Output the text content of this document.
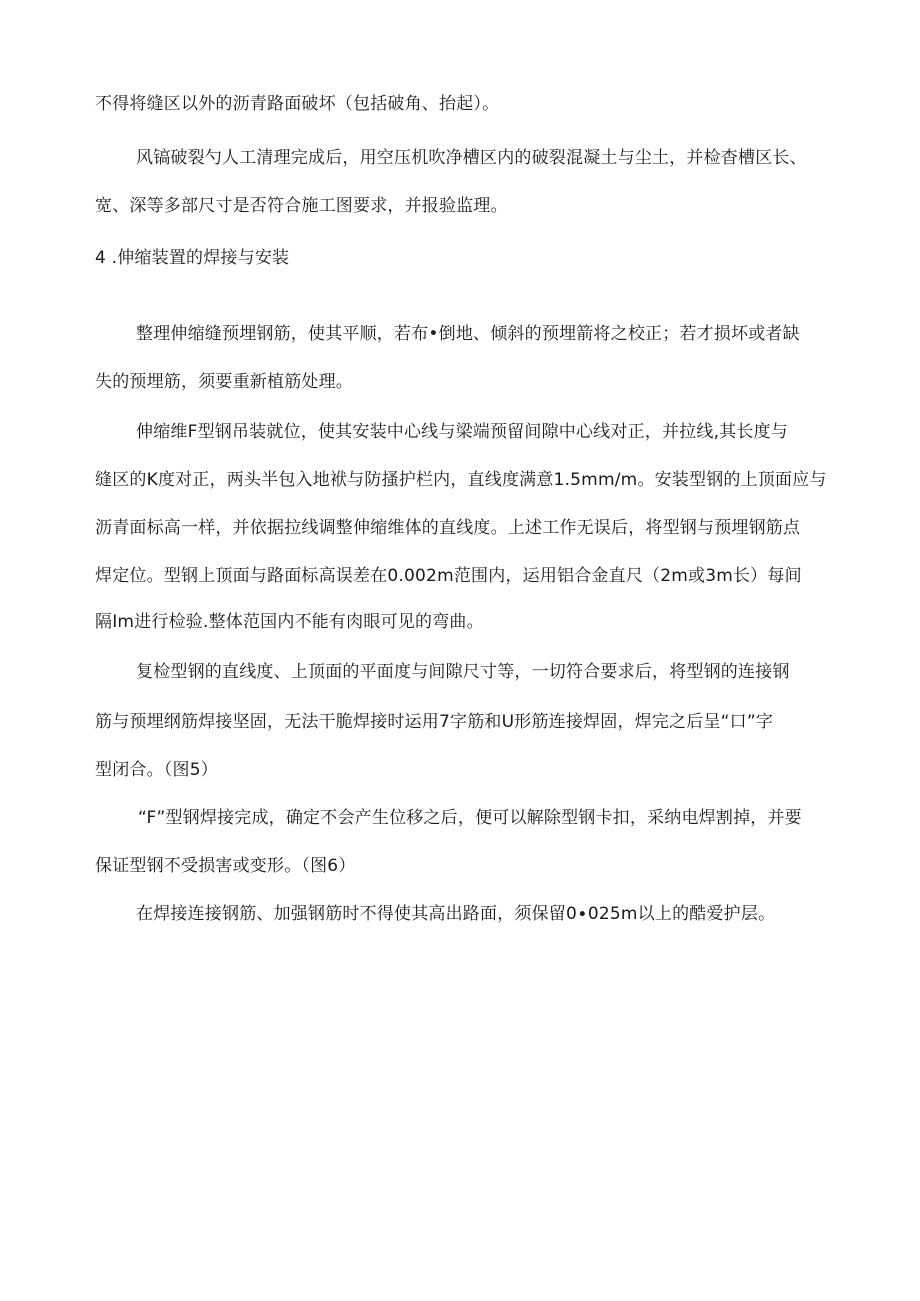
不得将缝区以外的沥青路面破坏（包括破角、抬起）。
风镐破裂勺人工清理完成后，用空压机吹净槽区内的破裂混凝土与尘土，并检杳槽区长、
宽、深等多部尺寸是否符合施工图要求，并报验监理。
4 .伸缩装置的焊接与安装
整理伸缩缝预埋钢筋，使其平顺，若布•倒地、倾斜的预埋箭将之校正；若才损坏或者缺
失的预埋筋，须要重新植筋处理。
伸缩维F型钢吊装就位，使其安装中心线与梁端预留间隙中心线对正，并拉线,其长度与
缝区的K度对正，两头半包入地袱与防搔护栏内，直线度满意1.5mm∕m。安装型钢的上顶面应与
沥青面标高一样，并依据拉线调整伸缩维体的直线度。上述工作无误后，将型钢与预埋钢筋点
焊定位。型钢上顶面与路面标高误差在0.002m范围内，运用铝合金直尺（2m或3m长）每间
隔Im进行检验.整体范国内不能有肉眼可见的弯曲。
复检型钢的直线度、上顶面的平面度与间隙尺寸等，一切符合要求后，将型钢的连接钢
筋与预埋纲筋焊接坚固，无法干脆焊接时运用7字筋和U形筋连接焊固，焊完之后呈“口”字
型闭合。（图5）
“F”型钢焊接完成，确定不会产生位移之后，便可以解除型钢卡扣，采纳电焊割掉，并要
保证型钢不受损害或变形。（图6）
在焊接连接钢筋、加强钢筋时不得使其高出路面，须保留0∙025m以上的酷爱护层。
